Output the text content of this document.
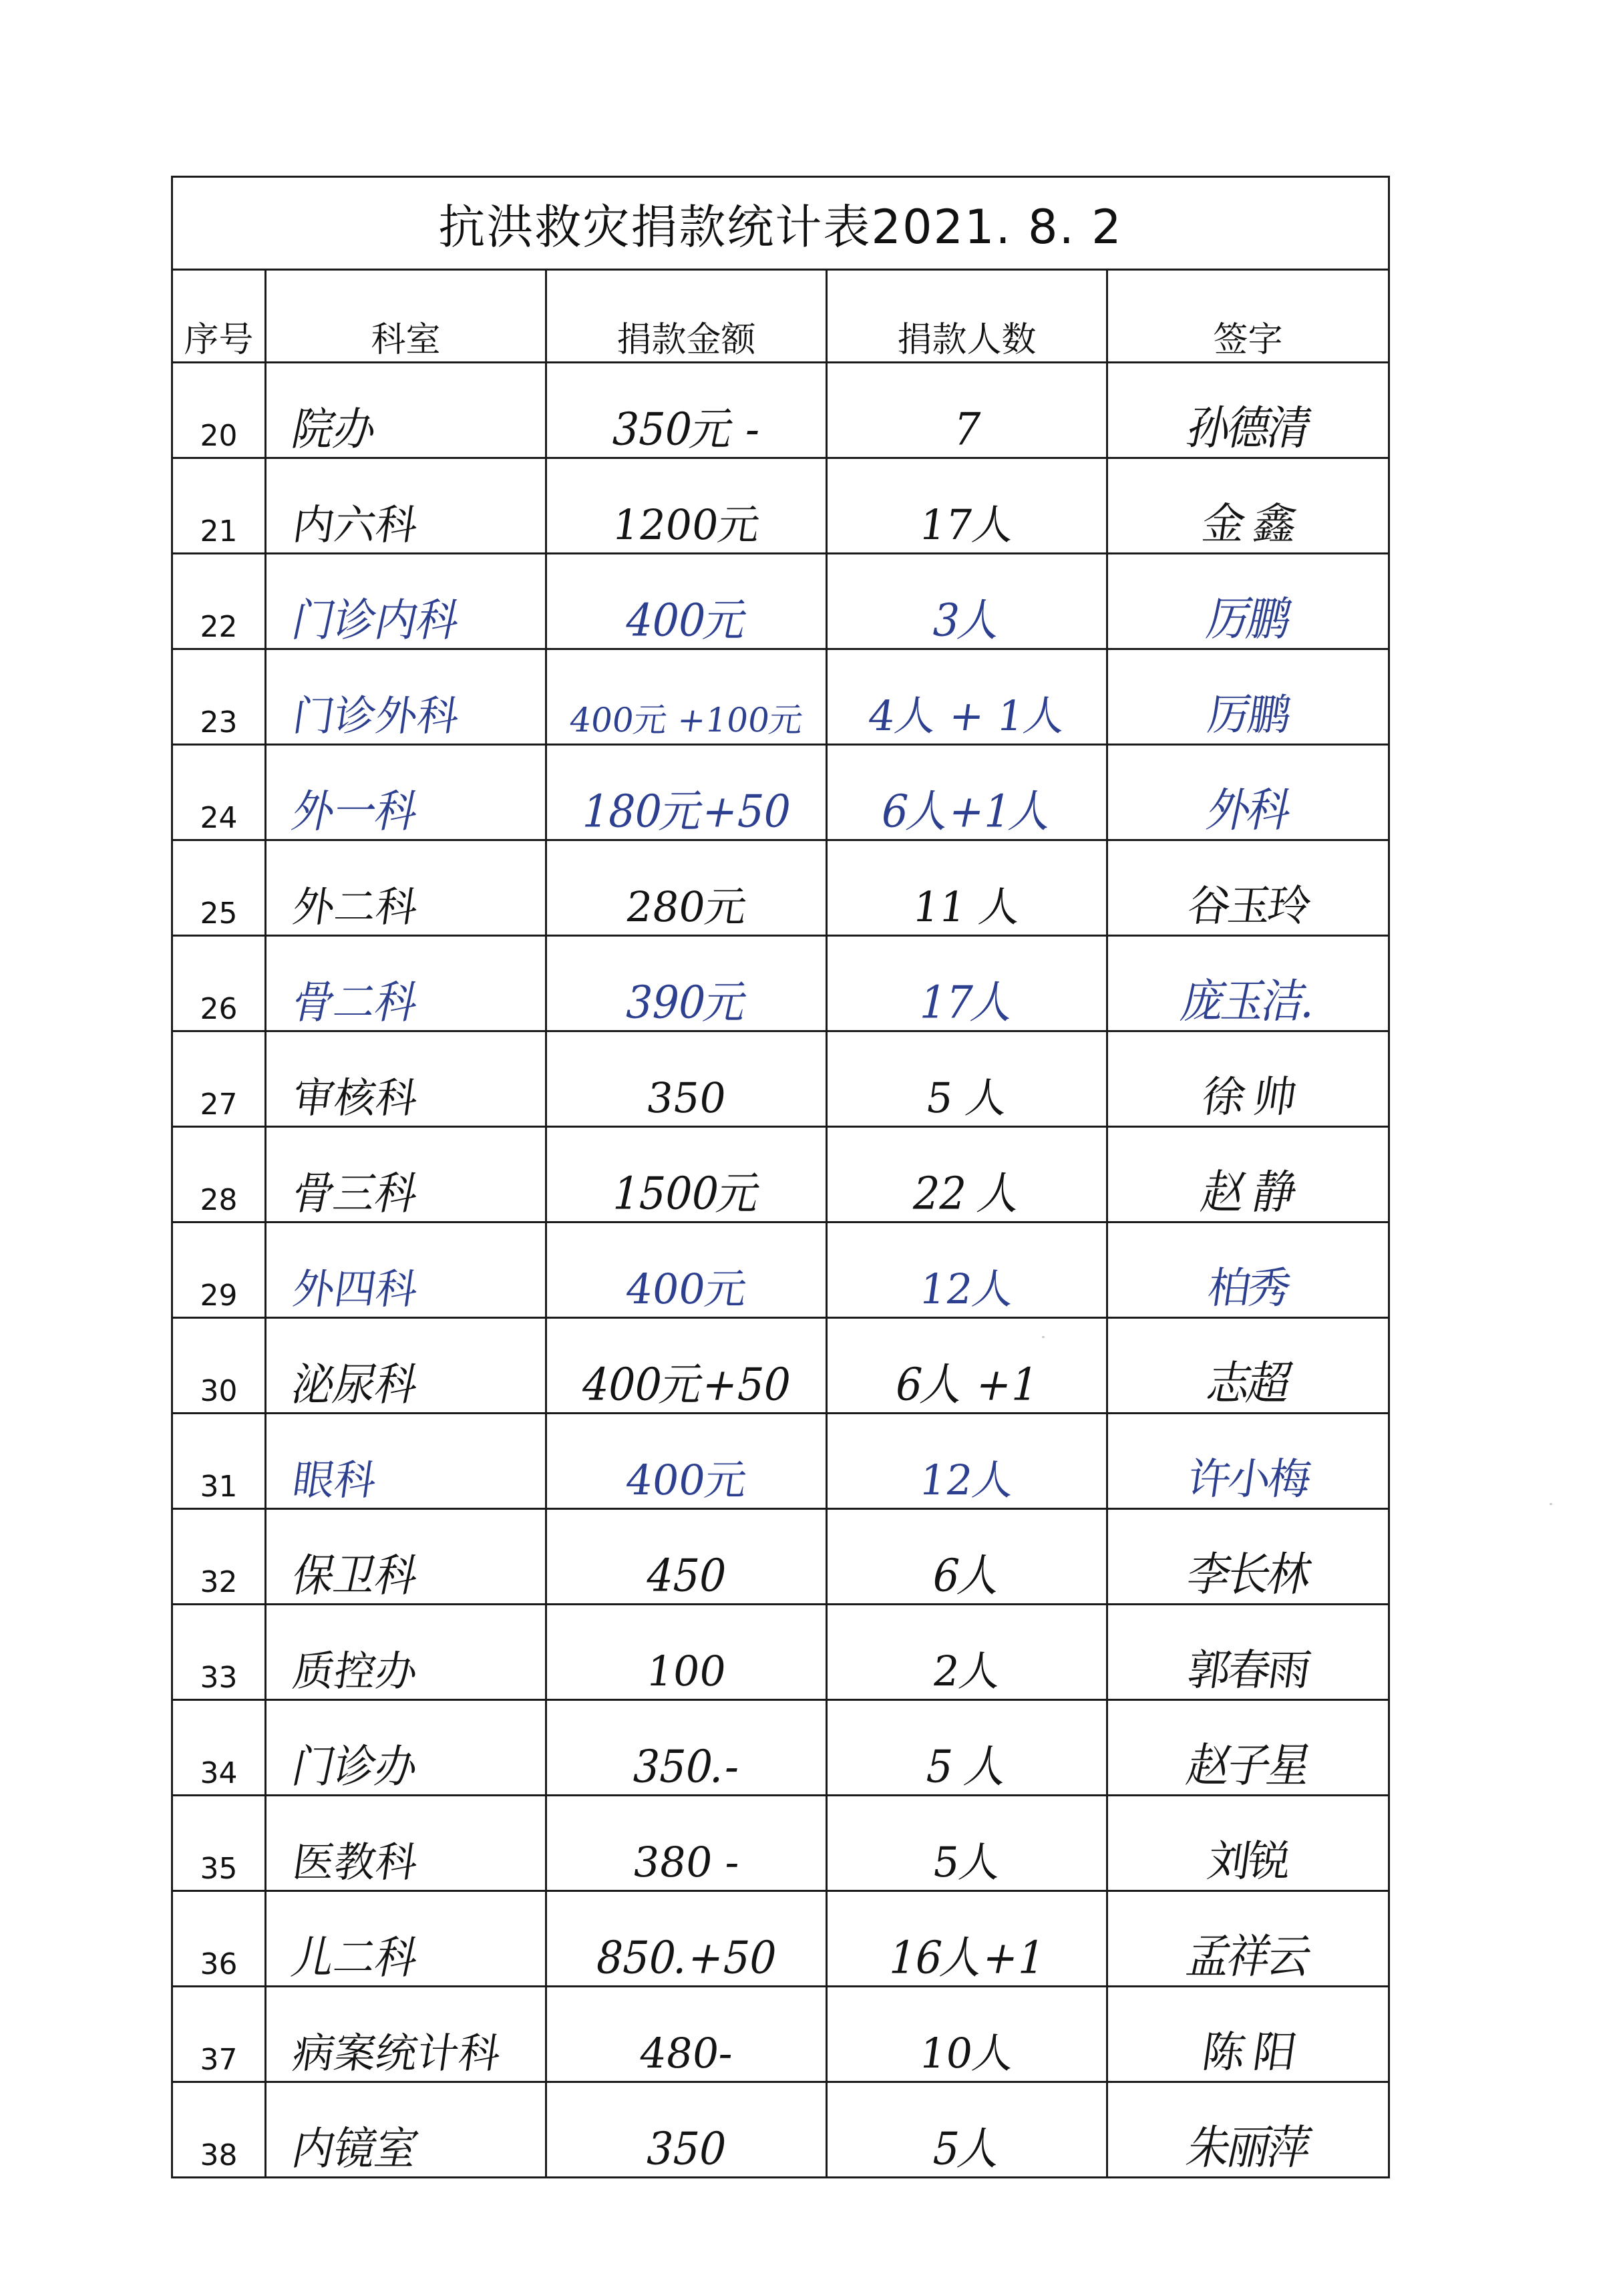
抗洪救灾捐款统计表2021. 8. 2				
序号	科室	捐款金额	捐款人数	签字
20	院办	350元 -	7	孙德清

21	内六科	1200元	17人	金 鑫

22	门诊内科	400元	3人	厉鹏

23	门诊外科	400元 +100元	4人 + 1人	厉鹏

24	外一科	180元+50	6人+1人	外科

25	外二科	280元	11 人	谷玉玲

26	骨二科	390元	17人	庞玉洁.

27	审核科	350	5 人	徐 帅

28	骨三科	1500元	22 人	赵 静

29	外四科	400元	12人	柏秀

30	泌尿科	400元+50	6人 +1	志超

31	眼科	400元	12人	许小梅

32	保卫科	450	6人	李长林

33	质控办	100	2人	郭春雨

34	门诊办	350.-	5 人	赵子星

35	医教科	380 -	5人	刘锐

36	儿二科	850.+50	16人+1	孟祥云

37	病案统计科	480-	10人	陈 阳

38	内镜室	350	5人	朱丽萍
